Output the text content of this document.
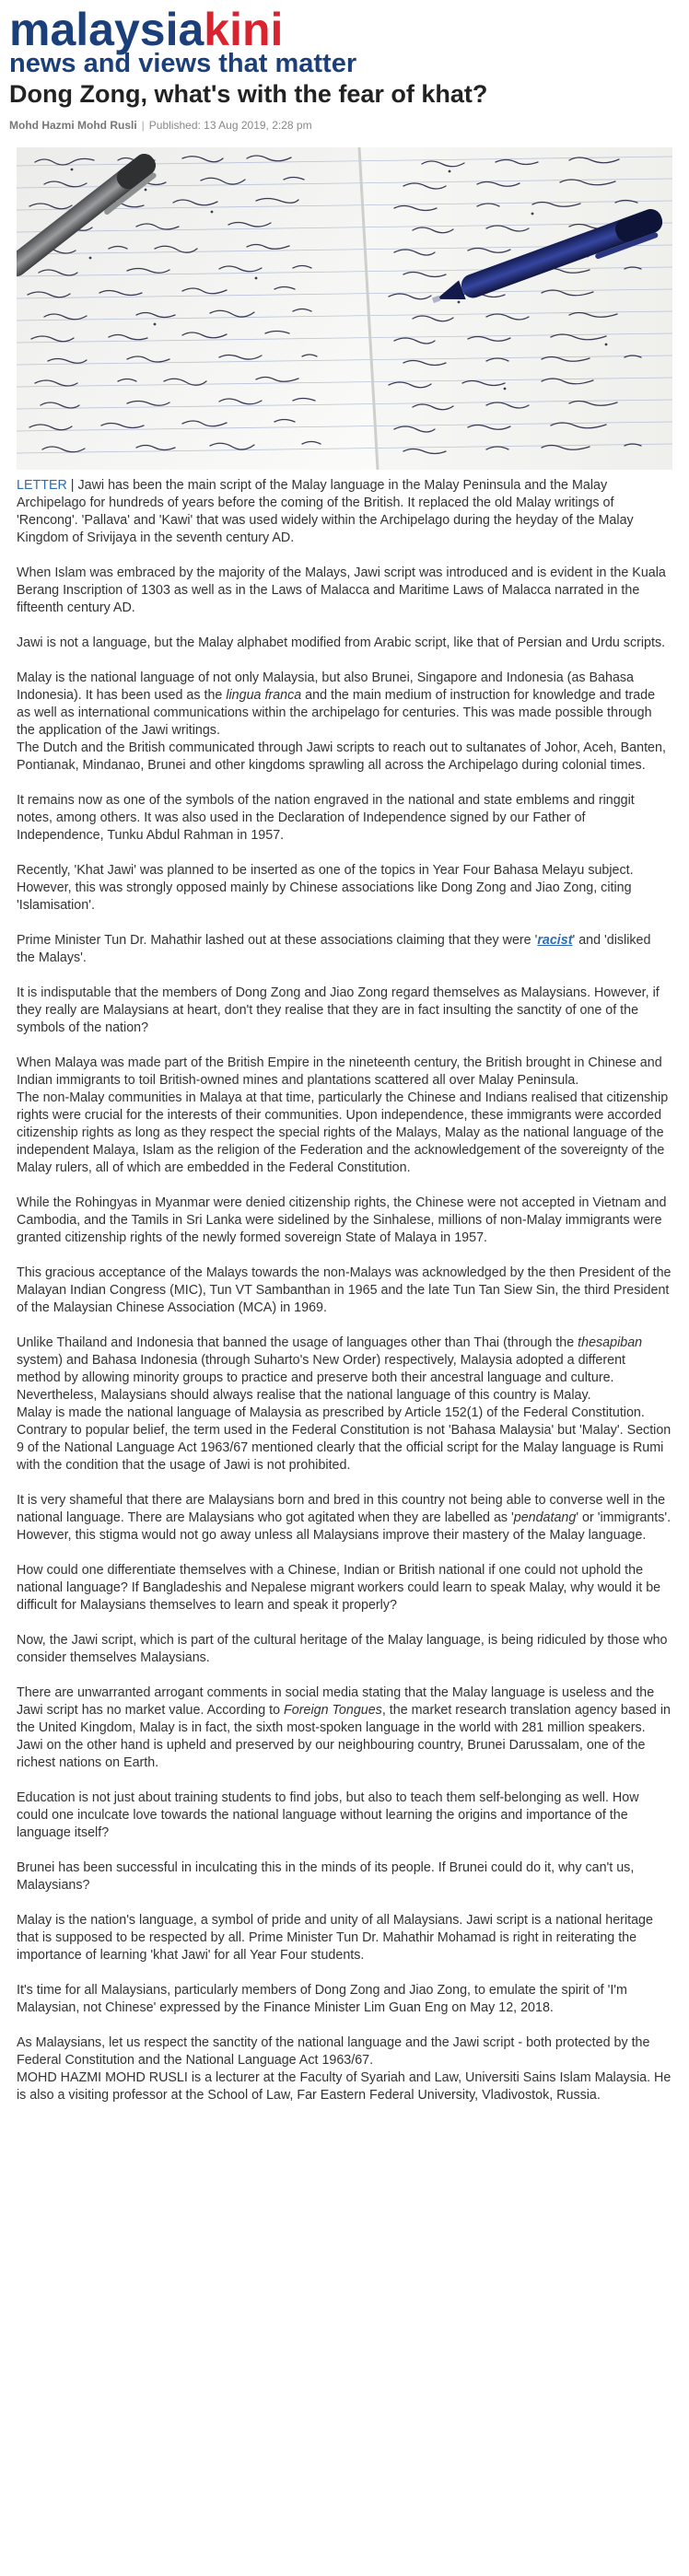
malaysiakini
news and views that matter
Dong Zong, what's with the fear of khat?
Mohd Hazmi Mohd Rusli | Published: 13 Aug 2019, 2:28 pm

LETTER | Jawi has been the main script of the Malay language in the Malay Peninsula and the Malay Archipelago for hundreds of years before the coming of the British. It replaced the old Malay writings of 'Rencong'. 'Pallava' and 'Kawi' that was used widely within the Archipelago during the heyday of the Malay Kingdom of Srivijaya in the seventh century AD.

When Islam was embraced by the majority of the Malays, Jawi script was introduced and is evident in the Kuala Berang Inscription of 1303 as well as in the Laws of Malacca and Maritime Laws of Malacca narrated in the fifteenth century AD.

Jawi is not a language, but the Malay alphabet modified from Arabic script, like that of Persian and Urdu scripts.

Malay is the national language of not only Malaysia, but also Brunei, Singapore and Indonesia (as Bahasa Indonesia). It has been used as the lingua franca and the main medium of instruction for knowledge and trade as well as international communications within the archipelago for centuries. This was made possible through the application of the Jawi writings.

The Dutch and the British communicated through Jawi scripts to reach out to sultanates of Johor, Aceh, Banten, Pontianak, Mindanao, Brunei and other kingdoms sprawling all across the Archipelago during colonial times.

It remains now as one of the symbols of the nation engraved in the national and state emblems and ringgit notes, among others. It was also used in the Declaration of Independence signed by our Father of Independence, Tunku Abdul Rahman in 1957.

Recently, 'Khat Jawi' was planned to be inserted as one of the topics in Year Four Bahasa Melayu subject. However, this was strongly opposed mainly by Chinese associations like Dong Zong and Jiao Zong, citing 'Islamisation'.

Prime Minister Tun Dr. Mahathir lashed out at these associations claiming that they were 'racist' and 'disliked the Malays'.

It is indisputable that the members of Dong Zong and Jiao Zong regard themselves as Malaysians. However, if they really are Malaysians at heart, don't they realise that they are in fact insulting the sanctity of one of the symbols of the nation?

When Malaya was made part of the British Empire in the nineteenth century, the British brought in Chinese and Indian immigrants to toil British-owned mines and plantations scattered all over Malay Peninsula.

The non-Malay communities in Malaya at that time, particularly the Chinese and Indians realised that citizenship rights were crucial for the interests of their communities. Upon independence, these immigrants were accorded citizenship rights as long as they respect the special rights of the Malays, Malay as the national language of the independent Malaya, Islam as the religion of the Federation and the acknowledgement of the sovereignty of the Malay rulers, all of which are embedded in the Federal Constitution.

While the Rohingyas in Myanmar were denied citizenship rights, the Chinese were not accepted in Vietnam and Cambodia, and the Tamils in Sri Lanka were sidelined by the Sinhalese, millions of non-Malay immigrants were granted citizenship rights of the newly formed sovereign State of Malaya in 1957.

This gracious acceptance of the Malays towards the non-Malays was acknowledged by the then President of the Malayan Indian Congress (MIC), Tun VT Sambanthan in 1965 and the late Tun Tan Siew Sin, the third President of the Malaysian Chinese Association (MCA) in 1969.

Unlike Thailand and Indonesia that banned the usage of languages other than Thai (through the thesapiban system) and Bahasa Indonesia (through Suharto's New Order) respectively, Malaysia adopted a different method by allowing minority groups to practice and preserve both their ancestral language and culture. Nevertheless, Malaysians should always realise that the national language of this country is Malay.

Malay is made the national language of Malaysia as prescribed by Article 152(1) of the Federal Constitution. Contrary to popular belief, the term used in the Federal Constitution is not 'Bahasa Malaysia' but 'Malay'. Section 9 of the National Language Act 1963/67 mentioned clearly that the official script for the Malay language is Rumi with the condition that the usage of Jawi is not prohibited.

It is very shameful that there are Malaysians born and bred in this country not being able to converse well in the national language. There are Malaysians who got agitated when they are labelled as 'pendatang' or 'immigrants'. However, this stigma would not go away unless all Malaysians improve their mastery of the Malay language.

How could one differentiate themselves with a Chinese, Indian or British national if one could not uphold the national language? If Bangladeshis and Nepalese migrant workers could learn to speak Malay, why would it be difficult for Malaysians themselves to learn and speak it properly?

Now, the Jawi script, which is part of the cultural heritage of the Malay language, is being ridiculed by those who consider themselves Malaysians.

There are unwarranted arrogant comments in social media stating that the Malay language is useless and the Jawi script has no market value. According to Foreign Tongues, the market research translation agency based in the United Kingdom, Malay is in fact, the sixth most-spoken language in the world with 281 million speakers.

Jawi on the other hand is upheld and preserved by our neighbouring country, Brunei Darussalam, one of the richest nations on Earth.

Education is not just about training students to find jobs, but also to teach them self-belonging as well. How could one inculcate love towards the national language without learning the origins and importance of the language itself?

Brunei has been successful in inculcating this in the minds of its people. If Brunei could do it, why can't us, Malaysians?

Malay is the nation's language, a symbol of pride and unity of all Malaysians. Jawi script is a national heritage that is supposed to be respected by all. Prime Minister Tun Dr. Mahathir Mohamad is right in reiterating the importance of learning 'khat Jawi' for all Year Four students.

It's time for all Malaysians, particularly members of Dong Zong and Jiao Zong, to emulate the spirit of 'I'm Malaysian, not Chinese' expressed by the Finance Minister Lim Guan Eng on May 12, 2018.

As Malaysians, let us respect the sanctity of the national language and the Jawi script - both protected by the Federal Constitution and the National Language Act 1963/67.

MOHD HAZMI MOHD RUSLI is a lecturer at the Faculty of Syariah and Law, Universiti Sains Islam Malaysia. He is also a visiting professor at the School of Law, Far Eastern Federal University, Vladivostok, Russia.
